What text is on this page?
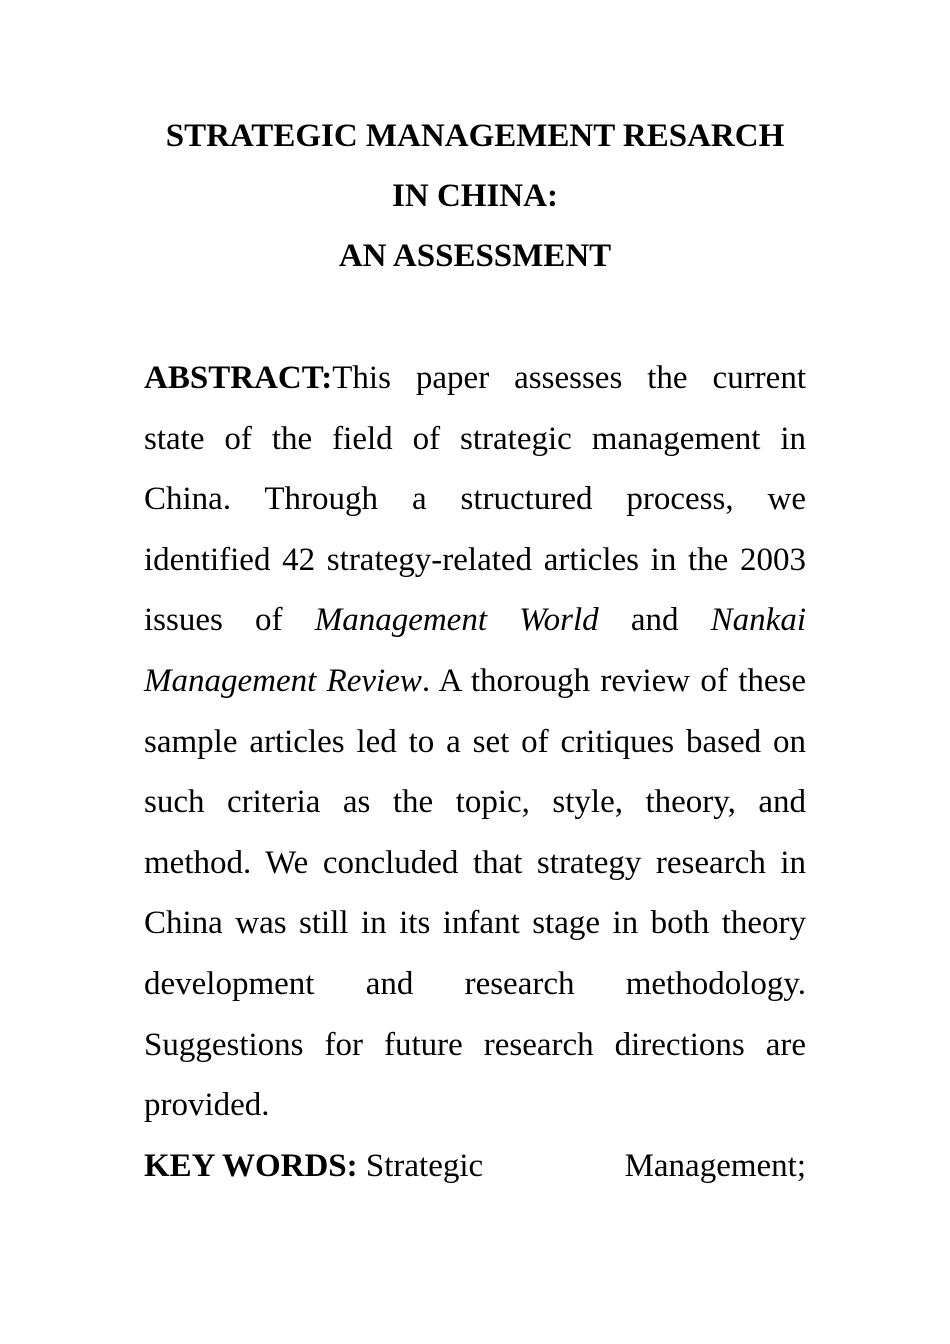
STRATEGIC MANAGEMENT RESARCH
IN CHINA:
AN ASSESSMENT

ABSTRACT:This paper assesses the current state of the field of strategic management in China. Through a structured process, we identified 42 strategy-related articles in the 2003 issues of Management World and Nankai Management Review. A thorough review of these sample articles led to a set of critiques based on such criteria as the topic, style, theory, and method. We concluded that strategy research in China was still in its infant stage in both theory development and research methodology. Suggestions for future research directions are provided.

KEY WORDS: Strategic	Management;
